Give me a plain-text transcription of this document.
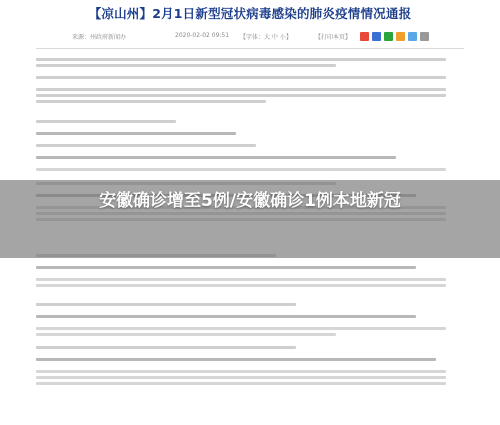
【凉山州】2月1日新型冠状病毒感染的肺炎疫情情况通报
来源：州政府新闻办	2020-02-02 09:51 【字体：大 中 小】	【打印本页】
安徽确诊增至5例/安徽确诊1例本地新冠
